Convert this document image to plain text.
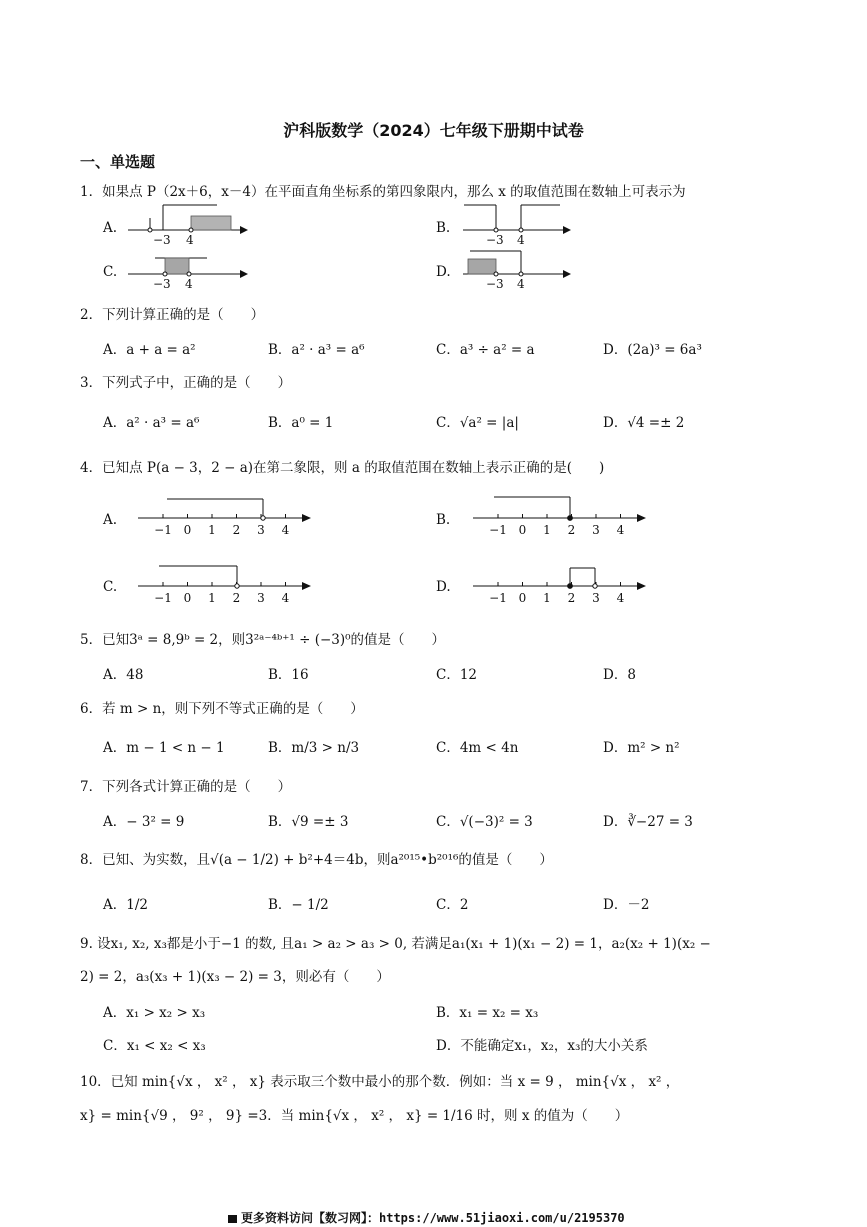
沪科版数学（2024）七年级下册期中试卷
一、单选题
1．如果点 P（2x＋6，x－4）在平面直角坐标系的第四象限内，那么 x 的取值范围在数轴上可表示为
A.	B.
C.	D.
−3 4	−3 4
−3 4	−3 4
2．下列计算正确的是（　　）
A．a + a = a²	B．a² · a³ = a⁶	C．a³ ÷ a² = a	D．(2a)³ = 6a³
3．下列式子中，正确的是（　　）
A．a² · a³ = a⁶	B．a⁰ = 1	C．√a² = |a|	D．√4 =± 2
4．已知点 P(a − 3，2 − a)在第二象限，则 a 的取值范围在数轴上表示正确的是(　　)
A.	B.
C.	D.
−1 0 1 2 3 4	−1 0 1 2 3 4
−1 0 1 2 3 4	−1 0 1 2 3 4
5．已知3ᵃ = 8,9ᵇ = 2，则3²ᵃ⁻⁴ᵇ⁺¹ ÷ (−3)⁰的值是（　　）
A．48	B．16	C．12	D．8
6．若 m > n，则下列不等式正确的是（　　）
A．m − 1 < n − 1	B．m/3 > n/3	C．4m < 4n	D．m² > n²
7．下列各式计算正确的是（　　）
A．− 3² = 9	B．√9 =± 3	C．√(−3)² = 3	D．∛−27 = 3
8．已知、为实数，且√(a − 1/2) + b²+4＝4b，则a²⁰¹⁵•b²⁰¹⁶的值是（　　）
A．1/2	B．− 1/2	C．2	D．－2
9. 设x₁, x₂, x₃都是小于−1 的数, 且a₁ > a₂ > a₃ > 0, 若满足a₁(x₁ + 1)(x₁ − 2) = 1，a₂(x₂ + 1)(x₂ −
2) = 2，a₃(x₃ + 1)(x₃ − 2) = 3，则必有（　　）
A．x₁ > x₂ > x₃	B．x₁ = x₂ = x₃
C．x₁ < x₂ < x₃	D．不能确定x₁，x₂，x₃的大小关系
10．已知 min{√x ， x² ， x} 表示取三个数中最小的那个数．例如：当 x = 9 ， min{√x ， x² ，
x} = min{√9 ， 9² ， 9} =3．当 min{√x ， x² ， x} = 1/16 时，则 x 的值为（　　）
更多资料访问【数习网】：https://www.51jiaoxi.com/u/2195370
